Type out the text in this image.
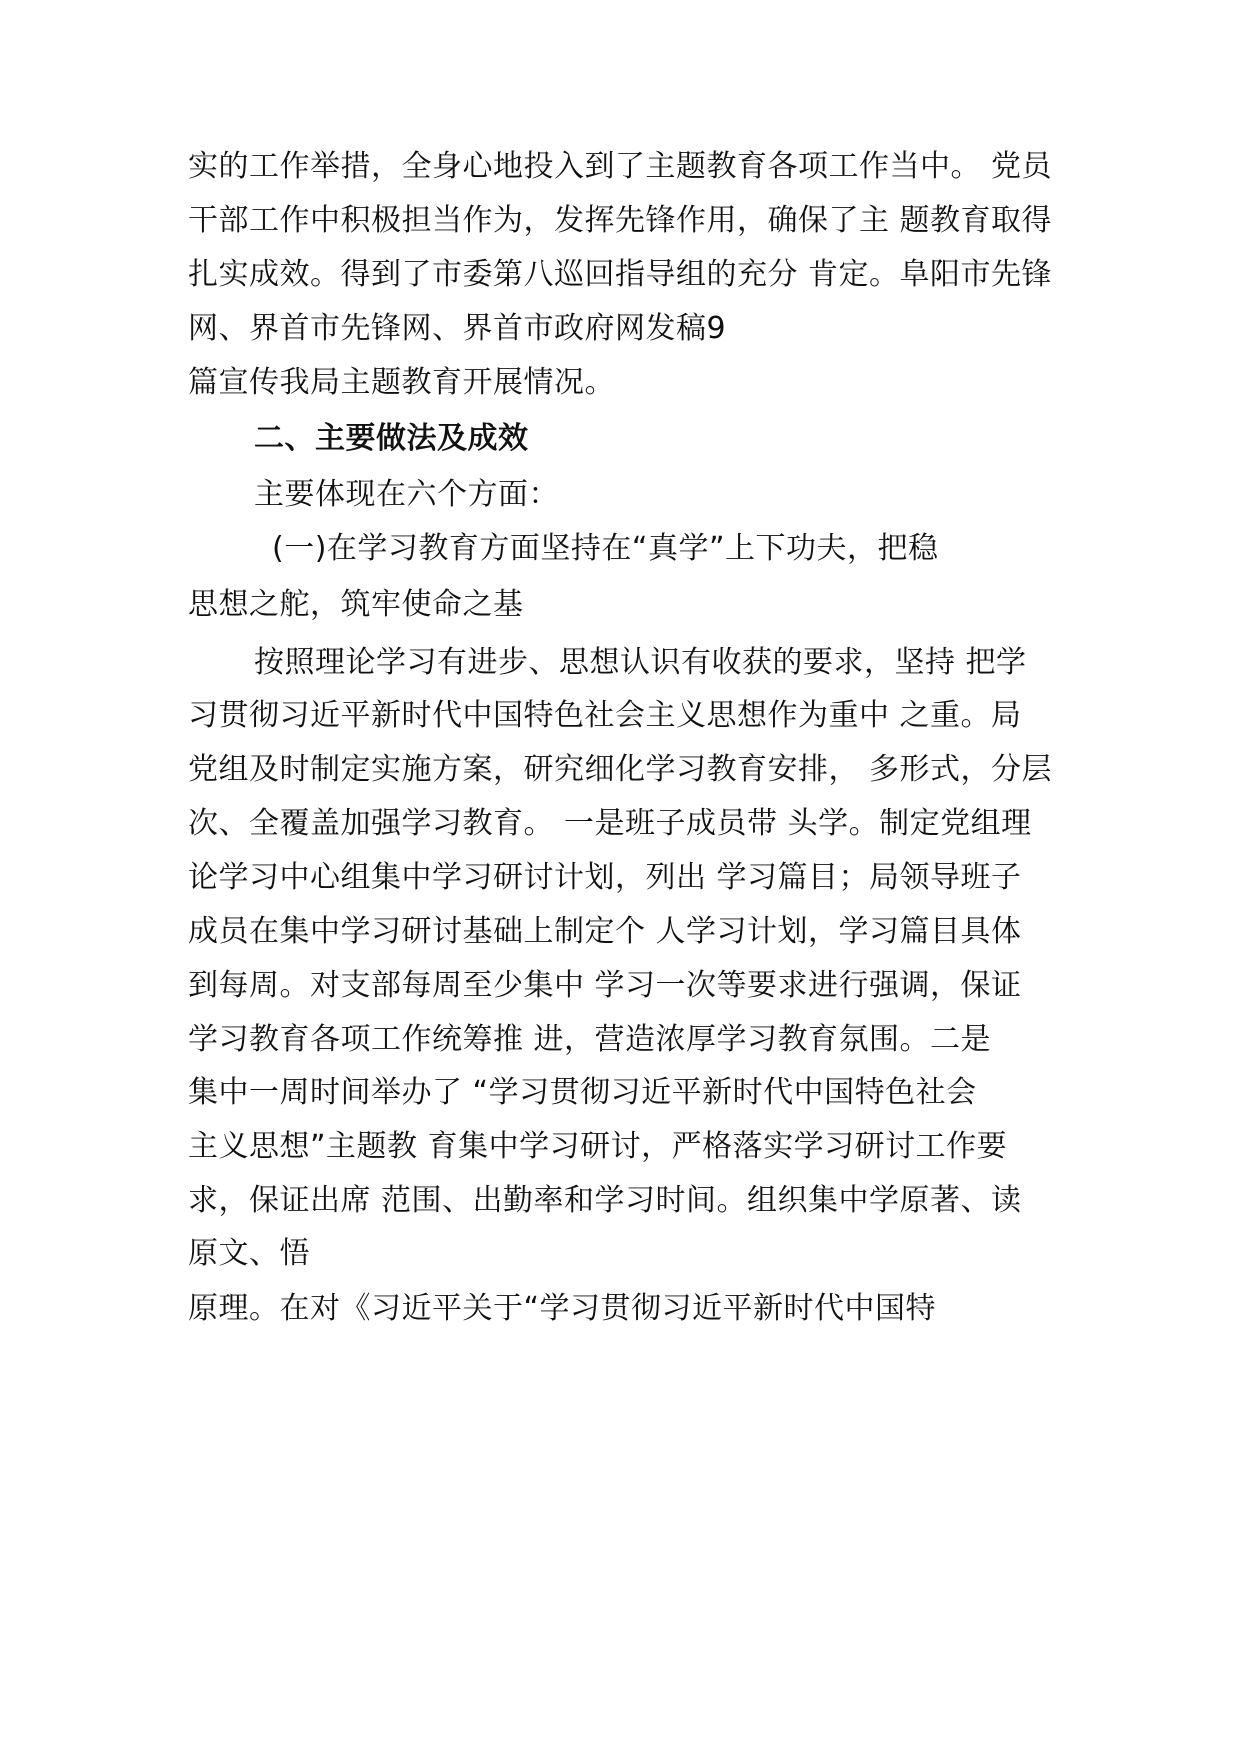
实的工作举措，全身心地投入到了主题教育各项工作当中。 党员
干部工作中积极担当作为，发挥先锋作用，确保了主 题教育取得
扎实成效。得到了市委第八巡回指导组的充分 肯定。阜阳市先锋
网、界首市先锋网、界首市政府网发稿9
篇宣传我局主题教育开展情况。
二、主要做法及成效
主要体现在六个方面：
(一)在学习教育方面坚持在“真学”上下功夫，把稳
思想之舵，筑牢使命之基
按照理论学习有进步、思想认识有收获的要求，坚持 把学
习贯彻习近平新时代中国特色社会主义思想作为重中 之重。局
党组及时制定实施方案，研究细化学习教育安排， 多形式，分层
次、全覆盖加强学习教育。 一是班子成员带 头学。制定党组理
论学习中心组集中学习研讨计划，列出 学习篇目；局领导班子
成员在集中学习研讨基础上制定个 人学习计划，学习篇目具体
到每周。对支部每周至少集中 学习一次等要求进行强调，保证
学习教育各项工作统筹推 进，营造浓厚学习教育氛围。二是
集中一周时间举办了 “学习贯彻习近平新时代中国特色社会
主义思想”主题教 育集中学习研讨，严格落实学习研讨工作要
求，保证出席 范围、出勤率和学习时间。组织集中学原著、读
原文、悟
原理。在对《习近平关于“学习贯彻习近平新时代中国特
